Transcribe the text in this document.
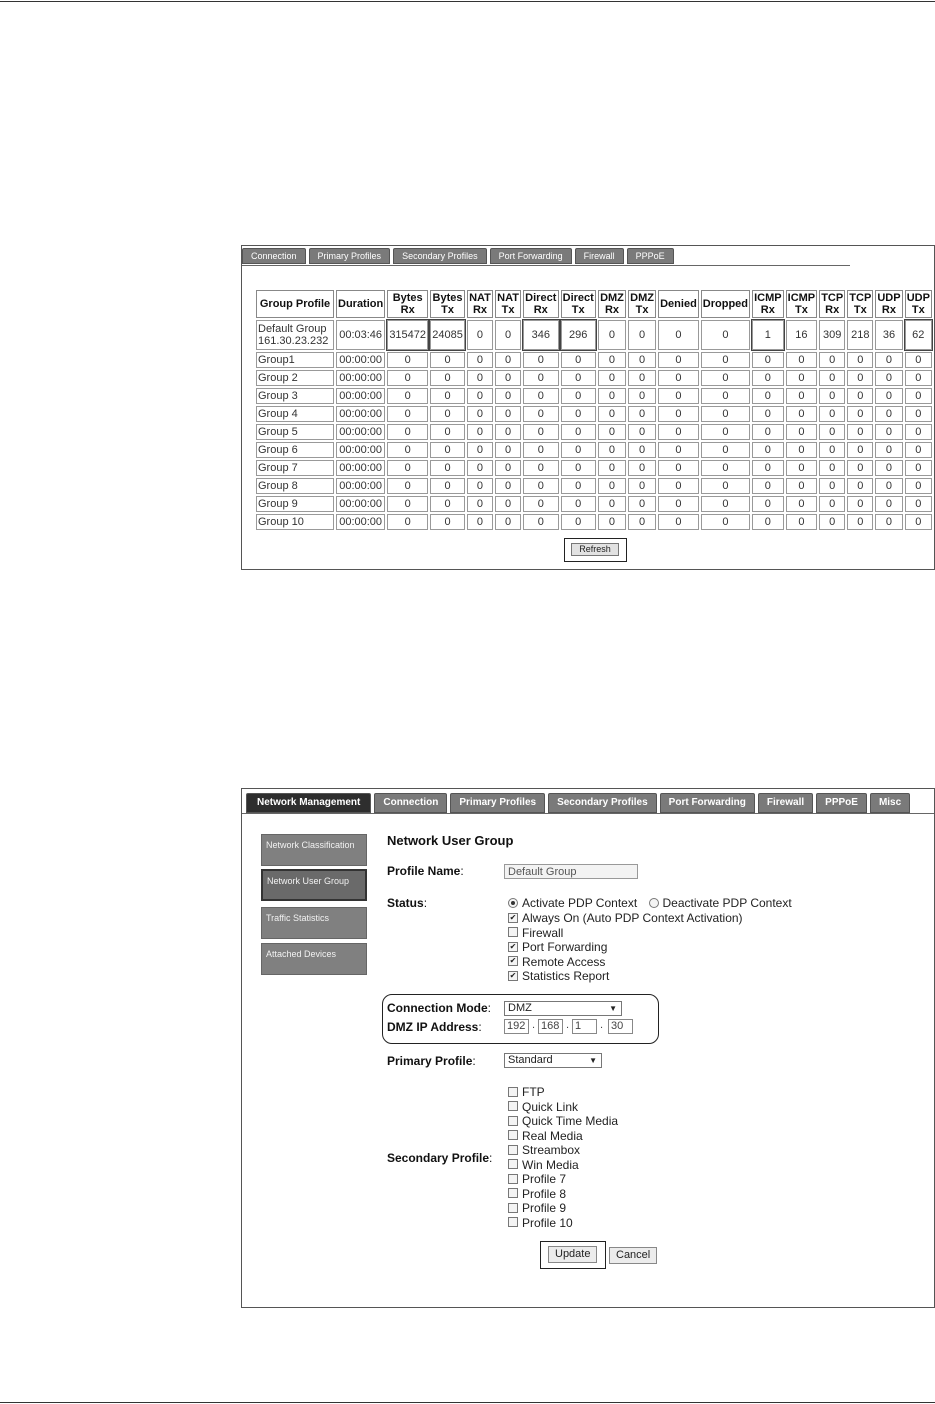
Connection	Primary Profiles	Secondary Profiles	Port Forwarding	Firewall	PPPoE
Group Profile	Duration	Bytes Rx	Bytes Tx	NAT Rx	NAT Tx	Direct Rx	Direct Tx	DMZ Rx	DMZ Tx	Denied	Dropped	ICMP Rx	ICMP Tx	TCP Rx	TCP Tx	UDP Rx	UDP Tx
Default Group 161.30.23.232	00:03:46	315472	24085	0	0	346	296	0	0	0	0	1	16	309	218	36	62
Group1	00:00:00	0	0	0	0	0	0	0	0	0	0	0	0	0	0	0	0
Group 2	00:00:00	0	0	0	0	0	0	0	0	0	0	0	0	0	0	0	0
Group 3	00:00:00	0	0	0	0	0	0	0	0	0	0	0	0	0	0	0	0
Group 4	00:00:00	0	0	0	0	0	0	0	0	0	0	0	0	0	0	0	0
Group 5	00:00:00	0	0	0	0	0	0	0	0	0	0	0	0	0	0	0	0
Group 6	00:00:00	0	0	0	0	0	0	0	0	0	0	0	0	0	0	0	0
Group 7	00:00:00	0	0	0	0	0	0	0	0	0	0	0	0	0	0	0	0
Group 8	00:00:00	0	0	0	0	0	0	0	0	0	0	0	0	0	0	0	0
Group 9	00:00:00	0	0	0	0	0	0	0	0	0	0	0	0	0	0	0	0
Group 10	00:00:00	0	0	0	0	0	0	0	0	0	0	0	0	0	0	0	0
Refresh
Network Management	Connection	Primary Profiles	Secondary Profiles	Port Forwarding	Firewall	PPPoE	Misc
Network Classification
Network User Group
Traffic Statistics
Attached Devices
Network User Group
Profile Name:	Default Group
Status:	Activate PDP Context Deactivate PDP Context
✔ Always On (Auto PDP Context Activation)
Firewall
✔ Port Forwarding
✔ Remote Access
✔ Statistics Report
Connection Mode:	DMZ	▼
DMZ IP Address: 192 . 168 . 1	. 30
Primary Profile:	Standard	▼
Secondary Profile:
FTP
Quick Link
Quick Time Media
Real Media
Streambox
Win Media
Profile 7
Profile 8
Profile 9
Profile 10
Update	Cancel
